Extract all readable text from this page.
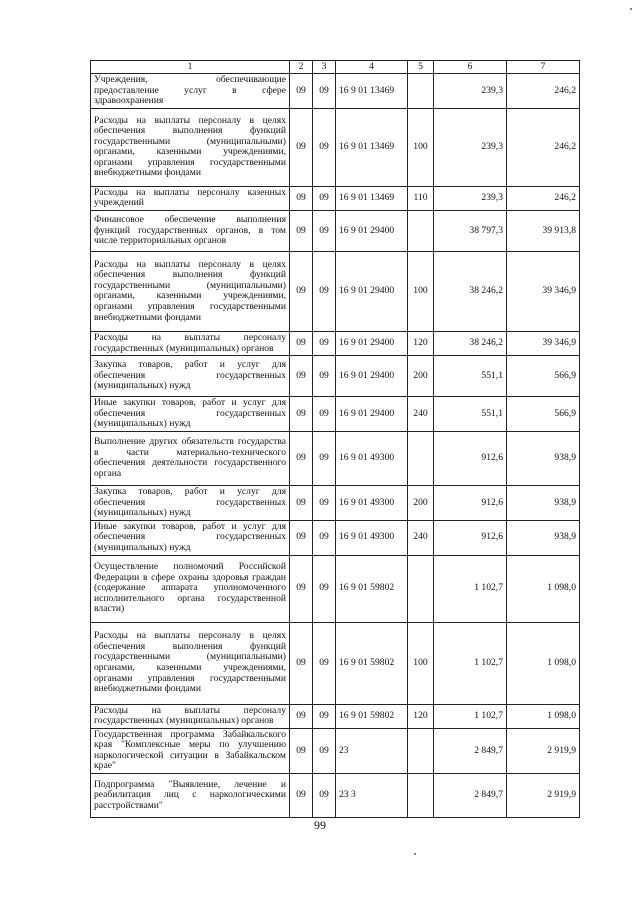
1	2	3	4	5	6	7
Учреждения, обеспечивающие предоставление услуг в сфере здравоохранения	09	09	16 9 01 13469		239,3	246,2
Расходы на выплаты персоналу в целях обеспечения выполнения функций государственными (муниципальными) органами, казенными учреждениями, органами управления государственными внебюджетными фондами	09	09	16 9 01 13469	100	239,3	246,2
Расходы на выплаты персоналу казенных учреждений	09	09	16 9 01 13469	110	239,3	246,2
Финансовое обеспечение выполнения функций государственных органов, в том числе территориальных органов	09	09	16 9 01 29400		38 797,3	39 913,8
Расходы на выплаты персоналу в целях обеспечения выполнения функций государственными (муниципальными) органами, казенными учреждениями, органами управления государственными внебюджетными фондами	09	09	16 9 01 29400	100	38 246,2	39 346,9
Расходы на выплаты персоналу государственных (муниципальных) органов	09	09	16 9 01 29400	120	38 246,2	39 346,9
Закупка товаров, работ и услуг для обеспечения государственных (муниципальных) нужд	09	09	16 9 01 29400	200	551,1	566,9
Иные закупки товаров, работ и услуг для обеспечения государственных (муниципальных) нужд	09	09	16 9 01 29400	240	551,1	566,9
Выполнение других обязательств государства в части материально-технического обеспечения деятельности государственного органа	09	09	16 9 01 49300		912,6	938,9
Закупка товаров, работ и услуг для обеспечения государственных (муниципальных) нужд	09	09	16 9 01 49300	200	912,6	938,9
Иные закупки товаров, работ и услуг для обеспечения государственных (муниципальных) нужд	09	09	16 9 01 49300	240	912,6	938,9
Осуществление полномочий Российской Федерации в сфере охраны здоровья граждан (содержание аппарата уполномоченного исполнительного органа государственной власти)	09	09	16 9 01 59802		1 102,7	1 098,0
Расходы на выплаты персоналу в целях обеспечения выполнения функций государственными (муниципальными) органами, казенными учреждениями, органами управления государственными внебюджетными фондами	09	09	16 9 01 59802	100	1 102,7	1 098,0
Расходы на выплаты персоналу государственных (муниципальных) органов	09	09	16 9 01 59802	120	1 102,7	1 098,0
Государственная программа Забайкальского края "Комплексные меры по улучшению наркологической ситуации в Забайкальском крае"	09	09	23		2 849,7	2 919,9
Подпрограмма "Выявление, лечение и реабилитация лиц с наркологическими расстройствами"	09	09	23 3		2 849,7	2 919,9
99
